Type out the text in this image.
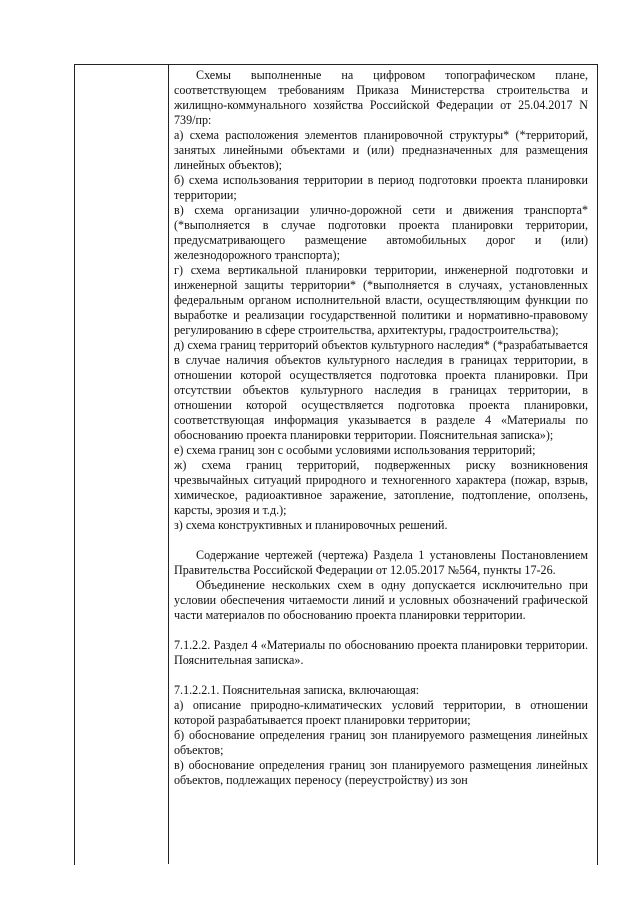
Схемы выполненные на цифровом топографическом плане, соответствующем требованиям Приказа Министерства строительства и жилищно-коммунального хозяйства Российской Федерации от 25.04.2017 N 739/пр:

а) схема расположения элементов планировочной структуры* (*территорий, занятых линейными объектами и (или) предназначенных для размещения линейных объектов);

б) схема использования территории в период подготовки проекта планировки территории;

в) схема организации улично-дорожной сети и движения транспорта* (*выполняется в случае подготовки проекта планировки территории, предусматривающего размещение автомобильных дорог и (или) железнодорожного транспорта);

г) схема вертикальной планировки территории, инженерной подготовки и инженерной защиты территории* (*выполняется в случаях, установленных федеральным органом исполнительной власти, осуществляющим функции по выработке и реализации государственной политики и нормативно-правовому регулированию в сфере строительства, архитектуры, градостроительства);

д) схема границ территорий объектов культурного наследия* (*разрабатывается в случае наличия объектов культурного наследия в границах территории, в отношении которой осуществляется подготовка проекта планировки. При отсутствии объектов культурного наследия в границах территории, в отношении которой осуществляется подготовка проекта планировки, соответствующая информация указывается в разделе 4 «Материалы по обоснованию проекта планировки территории. Пояснительная записка»);

е) схема границ зон с особыми условиями использования территорий;

ж) схема границ территорий, подверженных риску возникновения чрезвычайных ситуаций природного и техногенного характера (пожар, взрыв, химическое, радиоактивное заражение, затопление, подтопление, оползень, карсты, эрозия и т.д.);

з) схема конструктивных и планировочных решений.

Содержание чертежей (чертежа) Раздела 1 установлены Постановлением Правительства Российской Федерации от 12.05.2017 №564, пункты 17-26.

Объединение нескольких схем в одну допускается исключительно при условии обеспечения читаемости линий и условных обозначений графической части материалов по обоснованию проекта планировки территории.

7.1.2.2. Раздел 4 «Материалы по обоснованию проекта планировки территории. Пояснительная записка».

7.1.2.2.1. Пояснительная записка, включающая:

а) описание природно-климатических условий территории, в отношении которой разрабатывается проект планировки территории;

б) обоснование определения границ зон планируемого размещения линейных объектов;

в) обоснование определения границ зон планируемого размещения линейных объектов, подлежащих переносу (переустройству) из зон
